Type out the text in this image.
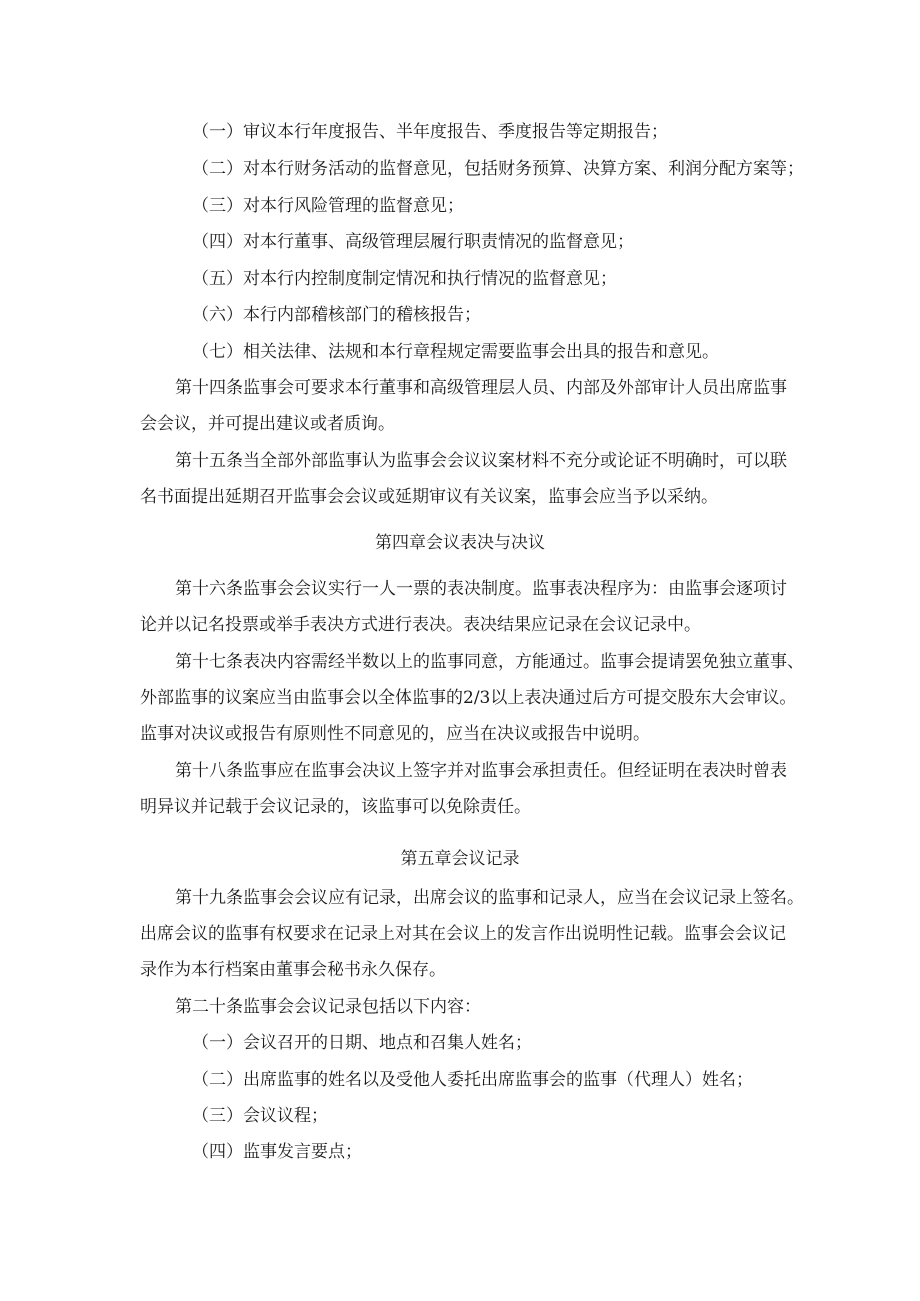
（一）审议本行年度报告、半年度报告、季度报告等定期报告；
（二）对本行财务活动的监督意见，包括财务预算、决算方案、利润分配方案等；
（三）对本行风险管理的监督意见；
（四）对本行董事、高级管理层履行职责情况的监督意见；
（五）对本行内控制度制定情况和执行情况的监督意见；
（六）本行内部稽核部门的稽核报告；
（七）相关法律、法规和本行章程规定需要监事会出具的报告和意见。
第十四条监事会可要求本行董事和高级管理层人员、内部及外部审计人员出席监事
会会议，并可提出建议或者质询。
第十五条当全部外部监事认为监事会会议议案材料不充分或论证不明确时，可以联
名书面提出延期召开监事会会议或延期审议有关议案，监事会应当予以采纳。
第四章会议表决与决议
第十六条监事会会议实行一人一票的表决制度。监事表决程序为：由监事会逐项讨
论并以记名投票或举手表决方式进行表决。表决结果应记录在会议记录中。
第十七条表决内容需经半数以上的监事同意，方能通过。监事会提请罢免独立董事、
外部监事的议案应当由监事会以全体监事的2/3以上表决通过后方可提交股东大会审议。
监事对决议或报告有原则性不同意见的，应当在决议或报告中说明。
第十八条监事应在监事会决议上签字并对监事会承担责任。但经证明在表决时曾表
明异议并记载于会议记录的，该监事可以免除责任。
第五章会议记录
第十九条监事会会议应有记录，出席会议的监事和记录人，应当在会议记录上签名。
出席会议的监事有权要求在记录上对其在会议上的发言作出说明性记载。监事会会议记
录作为本行档案由董事会秘书永久保存。
第二十条监事会会议记录包括以下内容：
（一）会议召开的日期、地点和召集人姓名；
（二）出席监事的姓名以及受他人委托出席监事会的监事（代理人）姓名；
（三）会议议程；
（四）监事发言要点；
